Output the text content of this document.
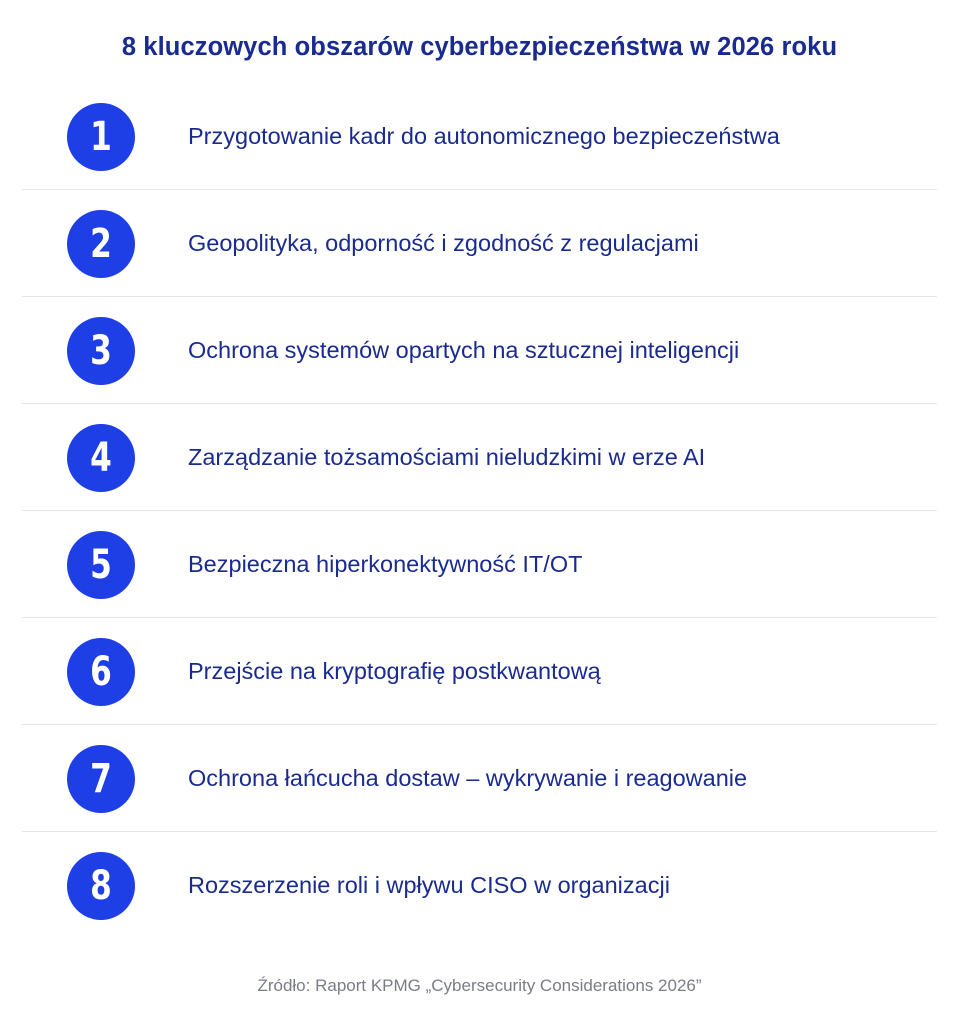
8 kluczowych obszarów cyberbezpieczeństwa w 2026 roku
1	Przygotowanie kadr do autonomicznego bezpieczeństwa
2	Geopolityka, odporność i zgodność z regulacjami
3	Ochrona systemów opartych na sztucznej inteligencji
4	Zarządzanie tożsamościami nieludzkimi w erze AI
5	Bezpieczna hiperkonektywność IT/OT
6	Przejście na kryptografię postkwantową
7	Ochrona łańcucha dostaw – wykrywanie i reagowanie
8	Rozszerzenie roli i wpływu CISO w organizacji
Źródło: Raport KPMG „Cybersecurity Considerations 2026”
